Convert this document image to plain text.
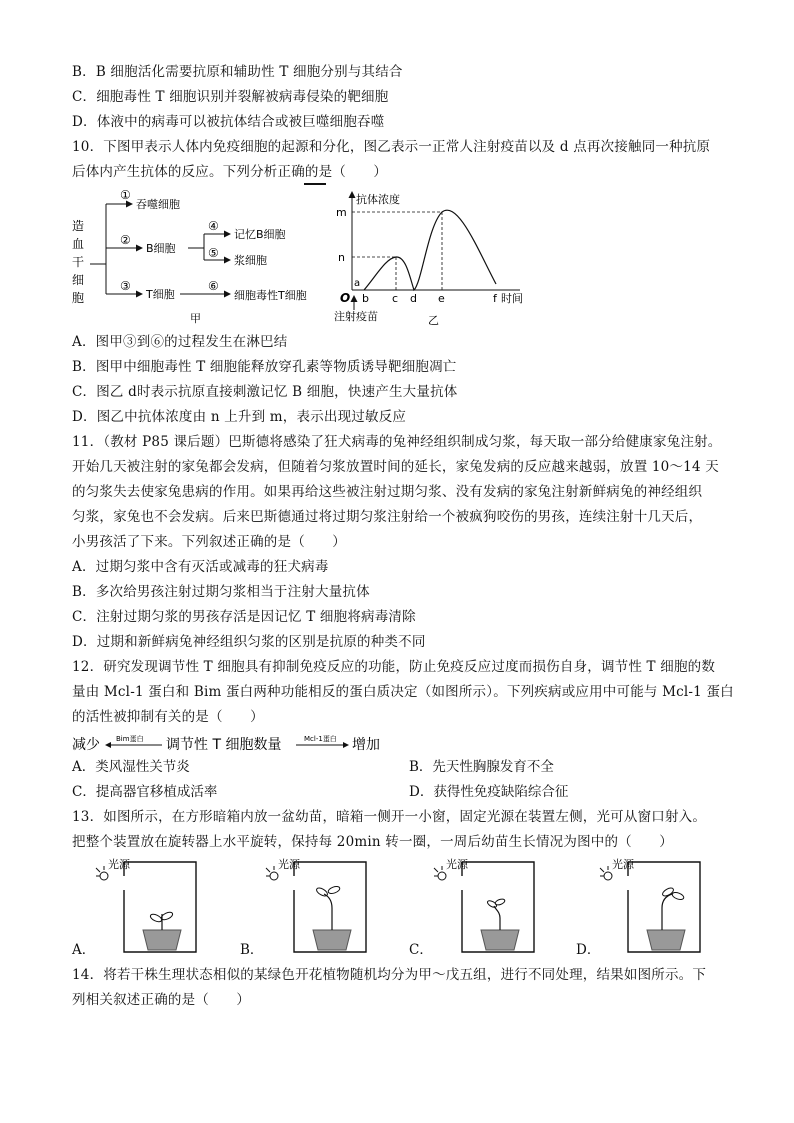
B．B 细胞活化需要抗原和辅助性 T 细胞分别与其结合
C．细胞毒性 T 细胞识别并裂解被病毒侵染的靶细胞
D．体液中的病毒可以被抗体结合或被巨噬细胞吞噬
10．下图甲表示人体内免疫细胞的起源和分化，图乙表示一正常人注射疫苗以及 d 点再次接触同一种抗原
后体内产生抗体的反应。下列分析正确的是（　　）
造
血
干
细
胞
①
②
③
吞噬细胞
B细胞
T细胞
④
⑤
记忆B细胞
浆细胞
⑥
细胞毒性T细胞
甲
抗体浓度
m
n
a
O b c d e	f 时间
注射疫苗	乙
A．图甲③到⑥的过程发生在淋巴结
B．图甲中细胞毒性 T 细胞能释放穿孔素等物质诱导靶细胞凋亡
C．图乙 d时表示抗原直接刺激记忆 B 细胞，快速产生大量抗体
D．图乙中抗体浓度由 n 上升到 m，表示出现过敏反应
11．（教材 P85 课后题）巴斯德将感染了狂犬病毒的兔神经组织制成匀浆，每天取一部分给健康家兔注射。
开始几天被注射的家兔都会发病，但随着匀浆放置时间的延长，家兔发病的反应越来越弱，放置 10～14 天
的匀浆失去使家兔患病的作用。如果再给这些被注射过期匀浆、没有发病的家兔注射新鲜病兔的神经组织
匀浆，家兔也不会发病。后来巴斯德通过将过期匀浆注射给一个被疯狗咬伤的男孩，连续注射十几天后，
小男孩活了下来。下列叙述正确的是（　　）
A．过期匀浆中含有灭活或减毒的狂犬病毒
B．多次给男孩注射过期匀浆相当于注射大量抗体
C．注射过期匀浆的男孩存活是因记忆 T 细胞将病毒清除
D．过期和新鲜病兔神经组织匀浆的区别是抗原的种类不同
12．研究发现调节性 T 细胞具有抑制免疫反应的功能，防止免疫反应过度而损伤自身，调节性 T 细胞的数
量由 Mcl-1 蛋白和 Bim 蛋白两种功能相反的蛋白质决定（如图所示）。下列疾病或应用中可能与 Mcl-1 蛋白
的活性被抑制有关的是（　　）
减少 Bim蛋白 调节性 T 细胞数量	Mcl-1蛋白 增加
A．类风湿性关节炎	B．先天性胸腺发育不全
C．提高器官移植成活率	D．获得性免疫缺陷综合征
13．如图所示，在方形暗箱内放一盆幼苗，暗箱一侧开一小窗，固定光源在装置左侧，光可从窗口射入。
把整个装置放在旋转器上水平旋转，保持每 20min 转一圈，一周后幼苗生长情况为图中的（　　）
A．
光源
B．
光源
C．
光源
D．
光源
14．将若干株生理状态相似的某绿色开花植物随机均分为甲～戊五组，进行不同处理，结果如图所示。下
列相关叙述正确的是（　　）
